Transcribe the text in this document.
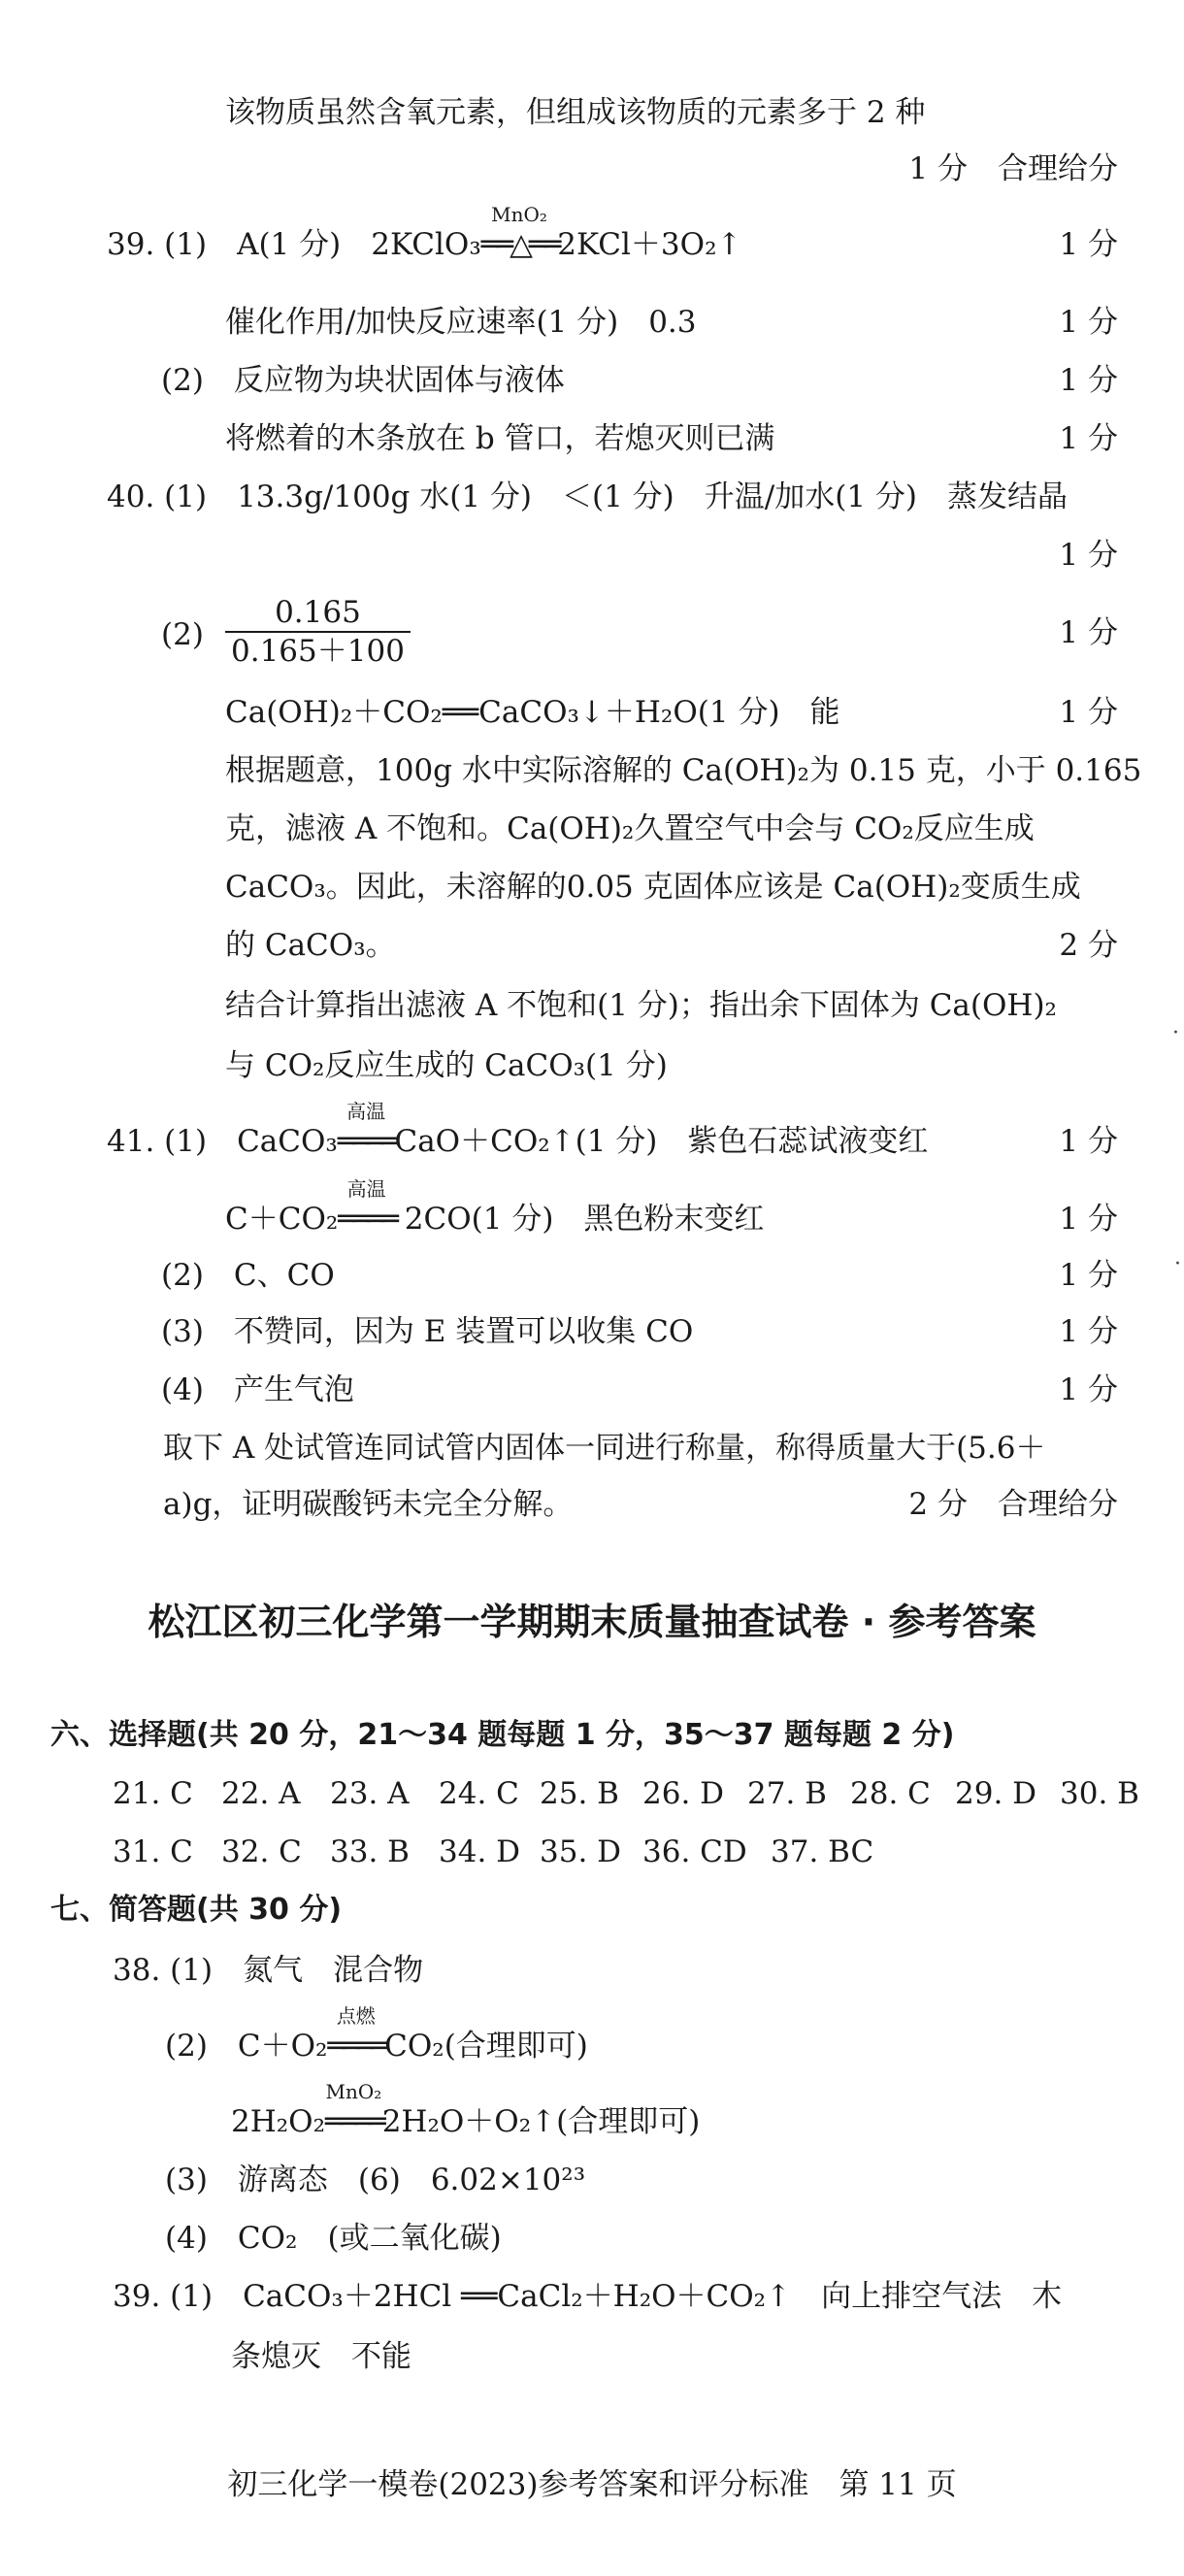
该物质虽然含氧元素，但组成该物质的元素多于 2 种
1 分　合理给分
39. (1)　A(1 分)　2KClO₃
MnO₂
══△══2KCl＋3O₂↑	1 分
催化作用/加快反应速率(1 分)　0.3	1 分
(2)　反应物为块状固体与液体	1 分
将燃着的木条放在 b 管口，若熄灭则已满	1 分
40. (1)　13.3g/100g 水(1 分)　＜(1 分)　升温/加水(1 分)　蒸发结晶
1 分
$(2) \frac{0.165}{0.165+100}$	1 分
Ca(OH)₂＋CO₂══CaCO₃↓＋H₂O(1 分)　能	1 分
根据题意，100g 水中实际溶解的 Ca(OH)₂为 0.15 克，小于 0.165
克，滤液 A 不饱和。Ca(OH)₂久置空气中会与 CO₂反应生成
CaCO₃。因此，未溶解的0.05 克固体应该是 Ca(OH)₂变质生成
的 CaCO₃。	2 分
结合计算指出滤液 A 不饱和(1 分)；指出余下固体为 Ca(OH)₂
与 CO₂反应生成的 CaCO₃(1 分)
41. (1)　CaCO₃
高温
════CaO＋CO₂↑(1 分)　紫色石蕊试液变红	1 分
C＋CO₂
高温
════ 2CO(1 分)　黑色粉末变红	1 分
(2)　C、CO	1 分
(3)　不赞同，因为 E 装置可以收集 CO	1 分
(4)　产生气泡	1 分
取下 A 处试管连同试管内固体一同进行称量，称得质量大于(5.6＋
a)g，证明碳酸钙未完全分解。	2 分　合理给分
松江区初三化学第一学期期末质量抽查试卷 · 参考答案
六、选择题(共 20 分，21～34 题每题 1 分，35～37 题每题 2 分)
21. C 22. A 23. A 24. C 25. B 26. D 27. B 28. C 29. D 30. B
31. C 32. C 33. B 34. D 35. D 36. CD 37. BC
七、简答题(共 30 分)
38. (1)　氮气　混合物
(2)　C＋O₂
点燃
════CO₂(合理即可)
2H₂O₂
MnO₂
════2H₂O＋O₂↑(合理即可)
(3)　游离态　(6)　6.02×10²³
(4)　CO₂　(或二氧化碳)
39. (1)　CaCO₃＋2HCl ══CaCl₂＋H₂O＋CO₂↑　向上排空气法　木
条熄灭　不能
初三化学一模卷(2023)参考答案和评分标准　第 11 页
·
·
